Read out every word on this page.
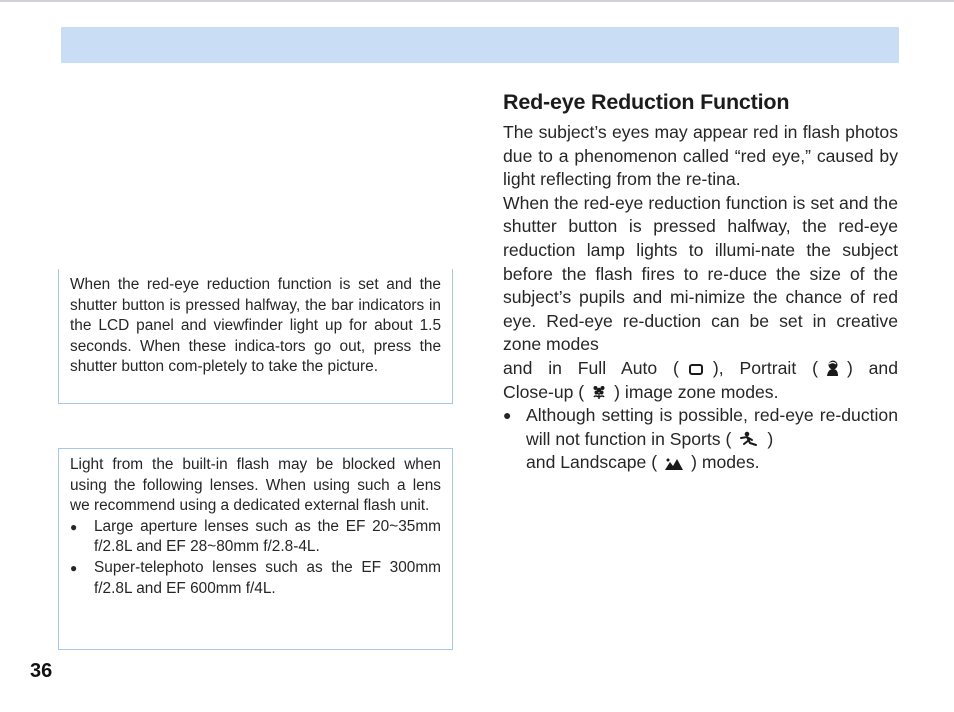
Red-eye Reduction Function

The subject’s eyes may appear red in flash photos due to a phenomenon called “red eye,” caused by light reflecting from the re-tina.

When the red-eye reduction function is set and the shutter button is pressed halfway, the red-eye reduction lamp lights to illumi-nate the subject before the flash fires to re-duce the size of the subject’s pupils and mi-nimize the chance of red eye. Red-eye re-duction can be set in creative zone modes

and in Full Auto ( ), Portrait ( ) and

Close-up ( ) image zone modes.

● Although setting is possible, red-eye re-duction will not function in Sports ( )
and Landscape ( ) modes.

When the red-eye reduction function is set and the shutter button is pressed halfway, the bar indicators in the LCD panel and viewfinder light up for about 1.5 seconds. When these indica-tors go out, press the shutter button com-pletely to take the picture.

Light from the built-in flash may be blocked when using the following lenses. When using such a lens we recommend using a dedicated external flash unit.

●	Large aperture lenses such as the EF 20~35mm f/2.8L and EF 28~80mm f/2.8-4L.
●	Super-telephoto lenses such as the EF 300mm f/2.8L and EF 600mm f/4L.

36
